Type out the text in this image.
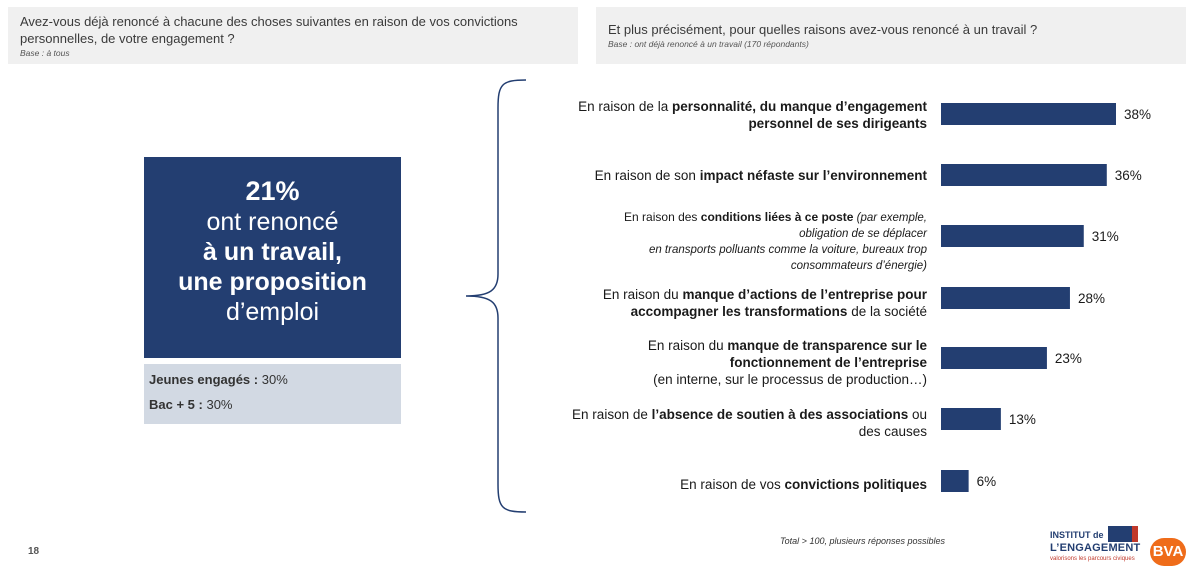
Avez-vous déjà renoncé à chacune des choses suivantes en raison de vos convictions personnelles, de votre engagement ?
Base : à tous
Et plus précisément, pour quelles raisons avez-vous renoncé à un travail ?
Base : ont déjà renoncé à un travail (170 répondants)
21%
ont renoncé
à un travail,
une proposition
d’emploi
Jeunes engagés : 30%
Bac + 5 : 30%
En raison de la personnalité, du manque d’engagement
personnel de ses dirigeants
En raison de son impact néfaste sur l’environnement
En raison des conditions liées à ce poste (par exemple,
obligation de se déplacer
en transports polluants comme la voiture, bureaux trop
consommateurs d’énergie)
En raison du manque d’actions de l’entreprise pour
accompagner les transformations de la société
En raison du manque de transparence sur le
fonctionnement de l’entreprise
(en interne, sur le processus de production…)
En raison de l’absence de soutien à des associations ou
des causes
En raison de vos convictions politiques
38%
36%
31%
28%
23%
13%
6%
Total > 100, plusieurs réponses possibles
18
INSTITUT de
L’ENGAGEMENT
valorisons les parcours civiques BVA
